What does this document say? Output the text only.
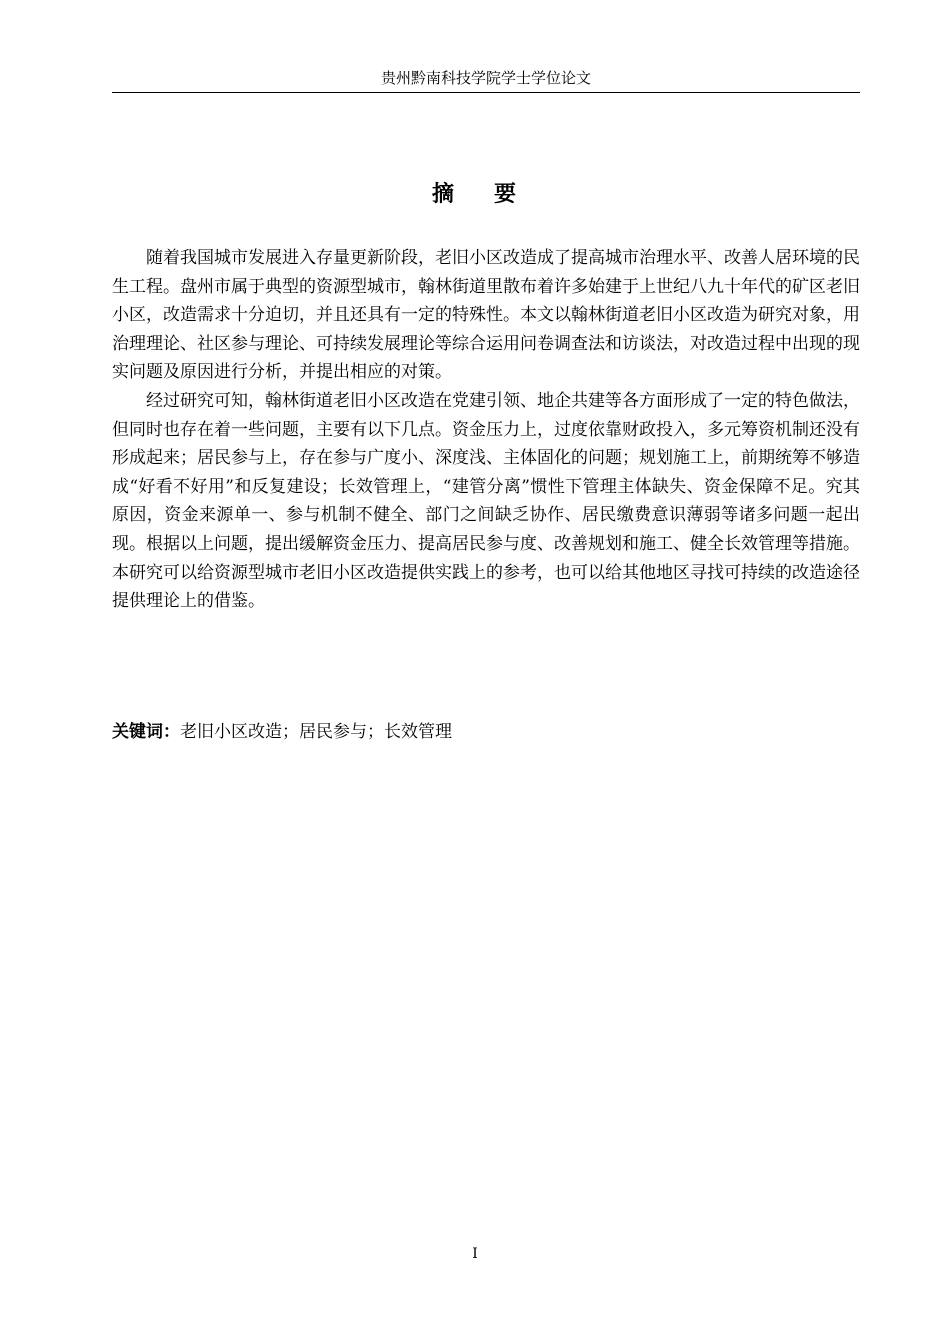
贵州黔南科技学院学士学位论文
摘 要

随着我国城市发展进入存量更新阶段，老旧小区改造成了提高城市治理水平、改善人居环境的民生工程。盘州市属于典型的资源型城市，翰林街道里散布着许多始建于上世纪八九十年代的矿区老旧小区，改造需求十分迫切，并且还具有一定的特殊性。本文以翰林街道老旧小区改造为研究对象，用治理理论、社区参与理论、可持续发展理论等综合运用问卷调查法和访谈法，对改造过程中出现的现实问题及原因进行分析，并提出相应的对策。

经过研究可知，翰林街道老旧小区改造在党建引领、地企共建等各方面形成了一定的特色做法，但同时也存在着一些问题，主要有以下几点。资金压力上，过度依靠财政投入，多元筹资机制还没有形成起来；居民参与上，存在参与广度小、深度浅、主体固化的问题；规划施工上，前期统筹不够造成“好看不好用”和反复建设；长效管理上，“建管分离”惯性下管理主体缺失、资金保障不足。究其原因，资金来源单一、参与机制不健全、部门之间缺乏协作、居民缴费意识薄弱等诸多问题一起出现。根据以上问题，提出缓解资金压力、提高居民参与度、改善规划和施工、健全长效管理等措施。本研究可以给资源型城市老旧小区改造提供实践上的参考，也可以给其他地区寻找可持续的改造途径提供理论上的借鉴。

关键词：老旧小区改造；居民参与；长效管理
I
